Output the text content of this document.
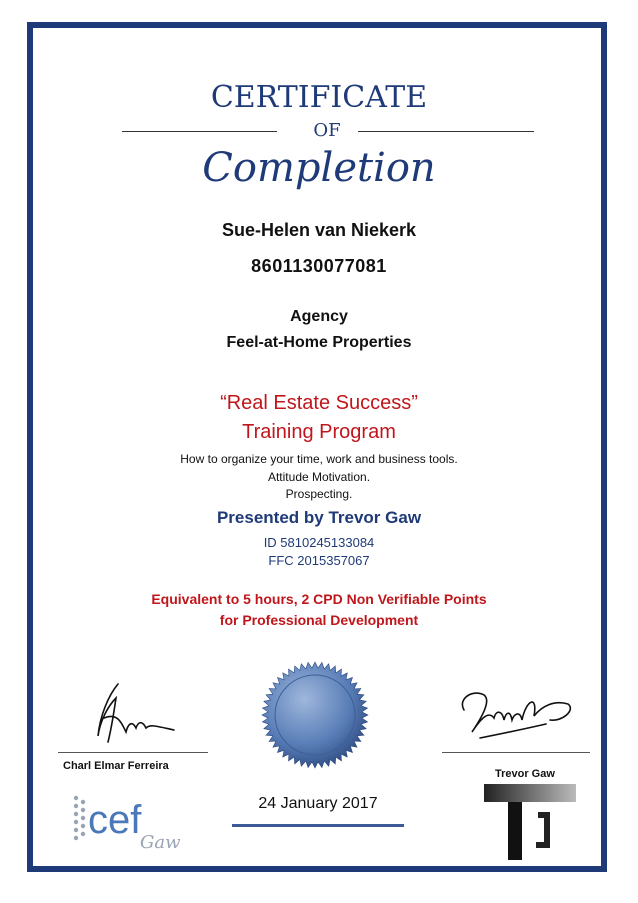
CERTIFICATE
OF
Completion
Sue-Helen van Niekerk
8601130077081
Agency
Feel-at-Home Properties
“Real Estate Success”
Training Program
How to organize your time, work and business tools.
Attitude Motivation.
Prospecting.
Presented by Trevor Gaw
ID 5810245133084
FFC 2015357067
Equivalent to 5 hours, 2 CPD Non Verifiable Points
for Professional Development
Charl Elmar Ferreira
Trevor Gaw
24 January 2017
cef
Gaw	TJ
